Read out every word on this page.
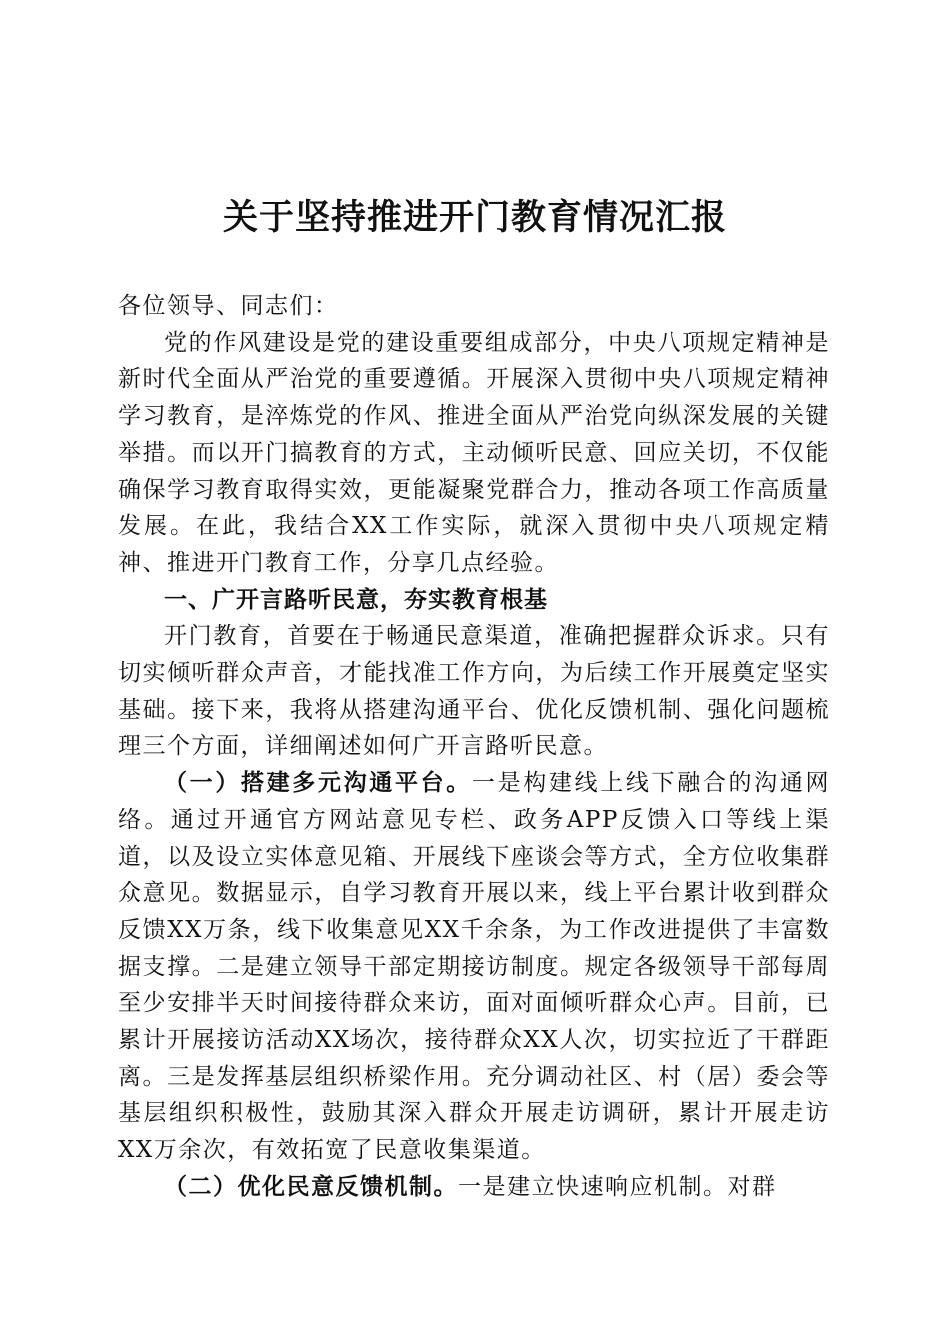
关于坚持推进开门教育情况汇报

各位领导、同志们：

党的作风建设是党的建设重要组成部分，中央八项规定精神是新时代全面从严治党的重要遵循。开展深入贯彻中央八项规定精神学习教育，是淬炼党的作风、推进全面从严治党向纵深发展的关键举措。而以开门搞教育的方式，主动倾听民意、回应关切，不仅能确保学习教育取得实效，更能凝聚党群合力，推动各项工作高质量发展。在此，我结合XX工作实际，就深入贯彻中央八项规定精神、推进开门教育工作，分享几点经验。

一、广开言路听民意，夯实教育根基

开门教育，首要在于畅通民意渠道，准确把握群众诉求。只有切实倾听群众声音，才能找准工作方向，为后续工作开展奠定坚实基础。接下来，我将从搭建沟通平台、优化反馈机制、强化问题梳理三个方面，详细阐述如何广开言路听民意。

（一）搭建多元沟通平台。一是构建线上线下融合的沟通网络。通过开通官方网站意见专栏、政务APP反馈入口等线上渠道，以及设立实体意见箱、开展线下座谈会等方式，全方位收集群众意见。数据显示，自学习教育开展以来，线上平台累计收到群众反馈XX万条，线下收集意见XX千余条，为工作改进提供了丰富数据支撑。二是建立领导干部定期接访制度。规定各级领导干部每周至少安排半天时间接待群众来访，面对面倾听群众心声。目前，已累计开展接访活动XX场次，接待群众XX人次，切实拉近了干群距离。三是发挥基层组织桥梁作用。充分调动社区、村（居）委会等基层组织积极性，鼓励其深入群众开展走访调研，累计开展走访XX万余次，有效拓宽了民意收集渠道。

（二）优化民意反馈机制。一是建立快速响应机制。对群
